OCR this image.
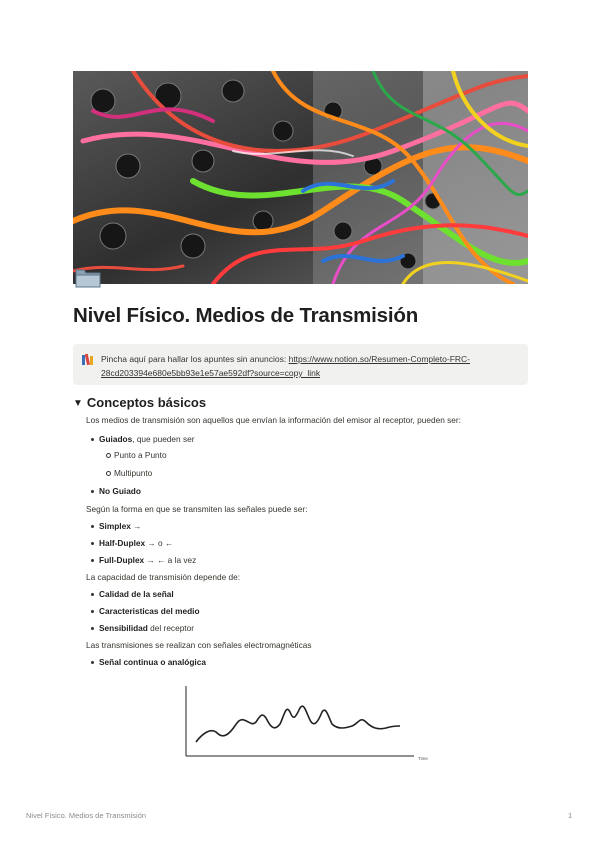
Nivel Físico. Medios de Transmisión
Pincha aquí para hallar los apuntes sin anuncios: https://www.notion.so/Resumen-Completo-FRC-28cd203394e680e5bb93e1e57ae592df?source=copy_link
▼ Conceptos básicos
Los medios de transmisión son aquellos que envían la información del emisor al receptor, pueden ser:
Guiados, que pueden ser
Punto a Punto
Multipunto
No Guiado
Según la forma en que se transmiten las señales puede ser:
Simplex →
Half-Duplex → o ←
Full-Duplex → ← a la vez
La capacidad de transmisión depende de:
Calidad de la señal
Caracteristicas del medio
Sensibilidad del receptor
Las transmisiones se realizan con señales electromagnéticas
Señal continua o analógica
Time
Nivel Físico. Medios de Transmisión	1
